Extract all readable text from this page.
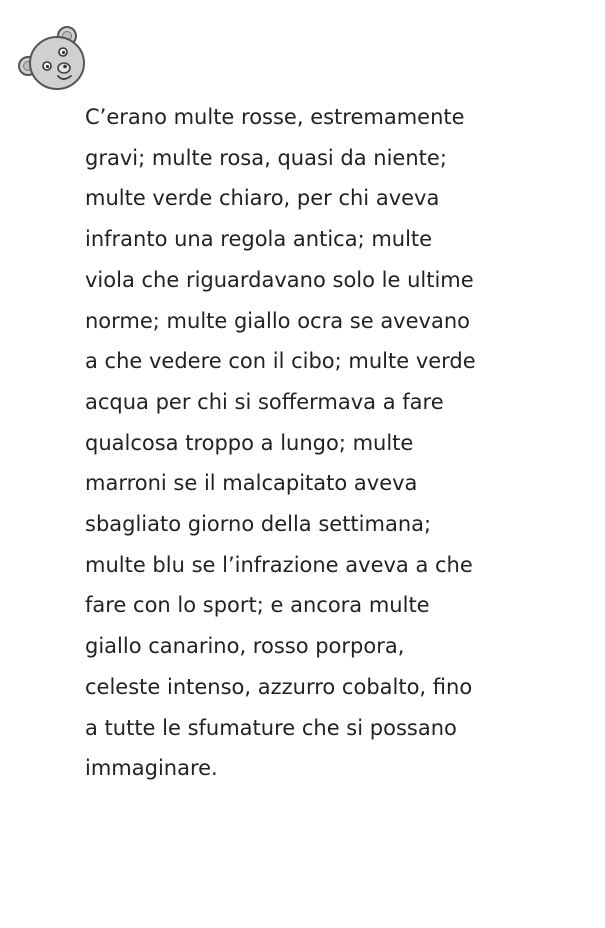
C’erano multe rosse, estremamente
gravi; multe rosa, quasi da niente;
multe verde chiaro, per chi aveva
infranto una regola antica; multe
viola che riguardavano solo le ultime
norme; multe giallo ocra se avevano
a che vedere con il cibo; multe verde
acqua per chi si soffermava a fare
qualcosa troppo a lungo; multe
marroni se il malcapitato aveva
sbagliato giorno della settimana;
multe blu se l’infrazione aveva a che
fare con lo sport; e ancora multe
giallo canarino, rosso porpora,
celeste intenso, azzurro cobalto, fino
a tutte le sfumature che si possano
immaginare.
